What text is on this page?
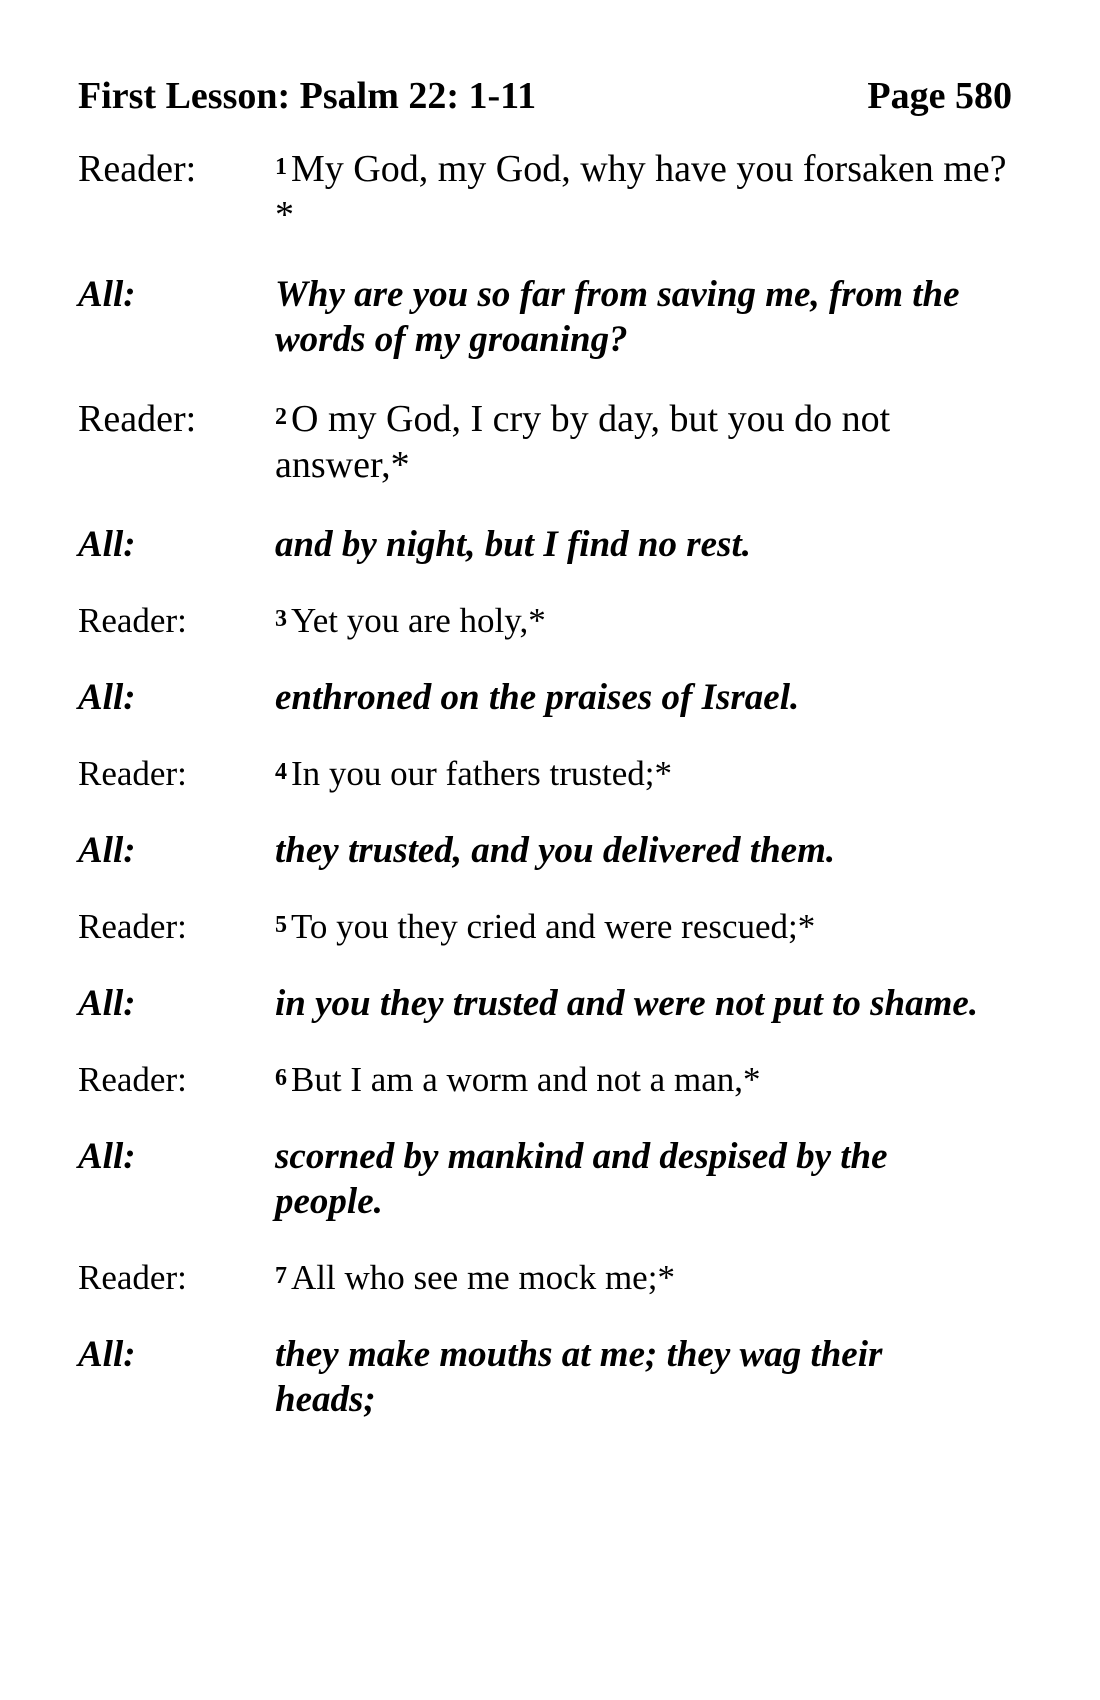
First Lesson: Psalm 22: 1-11	Page 580
Reader:	$^1$ My God, my God, why have you forsaken me?*
All:	Why are you so far from saving me, from the words of my groaning?
Reader:	$^2$ O my God, I cry by day, but you do not answer,*
All:	and by night, but I find no rest.
Reader:	$^3$ Yet you are holy,*
All:	enthroned on the praises of Israel.
Reader:	$^4$ In you our fathers trusted;*
All:	they trusted, and you delivered them.
Reader:	$^5$ To you they cried and were rescued;*
All:	in you they trusted and were not put to shame.
Reader:	$^6$ But I am a worm and not a man,*
All:	scorned by mankind and despised by the people.
Reader:	$^7$ All who see me mock me;*
All:	they make mouths at me; they wag their heads;
